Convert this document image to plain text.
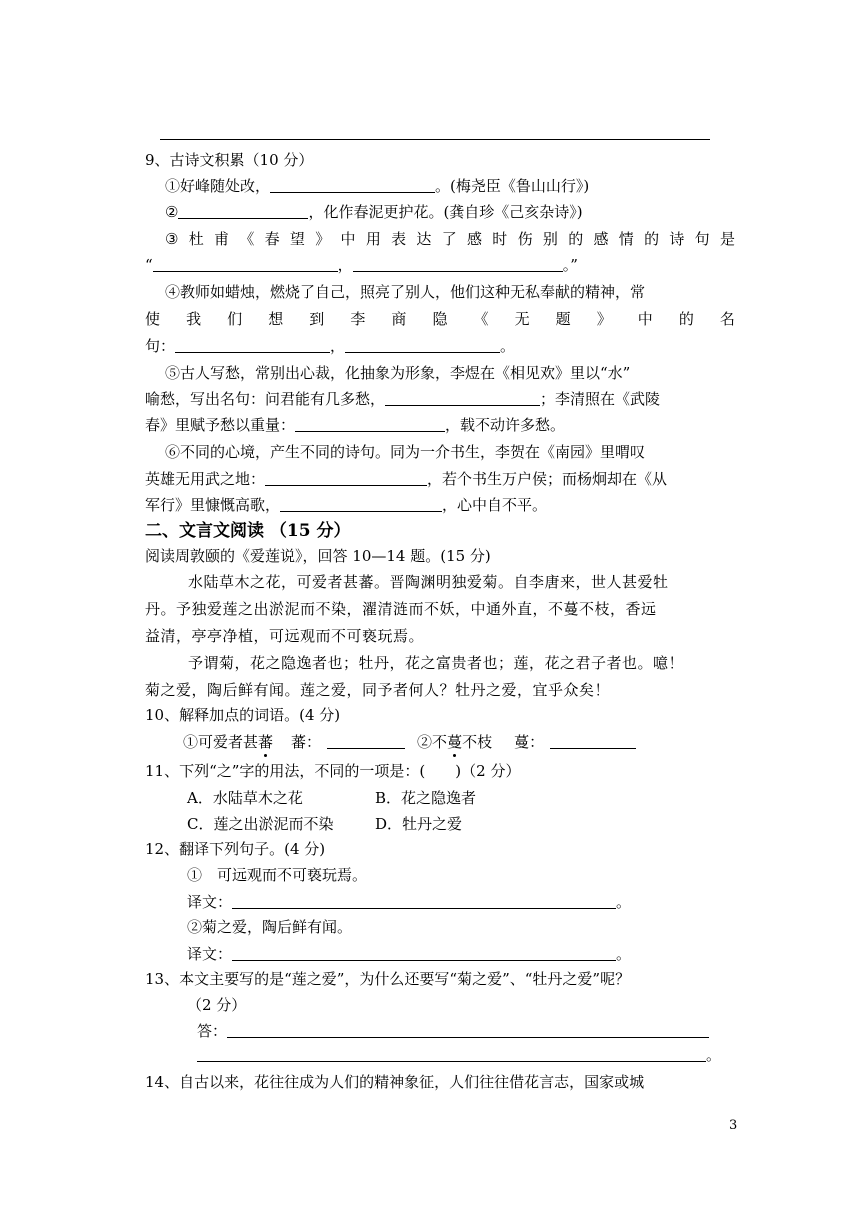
9、古诗文积累（10 分）
①好峰随处改，	。(梅尧臣《鲁山山行》)
②	，化作春泥更护花。(龚自珍《己亥杂诗》)
③ 杜 甫 《 春 望 》 中 用 表 达 了 感 时 伤 别 的 感 情 的 诗 句 是
“	，	。”
④教师如蜡烛，燃烧了自己，照亮了别人，他们这种无私奉献的精神，常
使 我 们 想 到 李 商 隐 《 无 题 》 中 的 名
句：	，	。
⑤古人写愁，常别出心裁，化抽象为形象，李煜在《相见欢》里以“水”
喻愁，写出名句：问君能有几多愁，	；李清照在《武陵
春》里赋予愁以重量：	，载不动许多愁。
⑥不同的心境，产生不同的诗句。同为一介书生，李贺在《南园》里喟叹
英雄无用武之地：	，若个书生万户侯；而杨炯却在《从
军行》里慷慨高歌，	，心中自不平。
二、文言文阅读 （15 分）
阅读周敦颐的《爱莲说》，回答 10—14 题。(15 分)
水陆草木之花，可爱者甚蕃。晋陶渊明独爱菊。自李唐来，世人甚爱牡
丹。予独爱莲之出淤泥而不染，濯清涟而不妖，中通外直，不蔓不枝，香远
益清，亭亭净植，可远观而不可亵玩焉。
予谓菊，花之隐逸者也；牡丹，花之富贵者也；莲，花之君子者也。噫！
菊之爱，陶后鲜有闻。莲之爱，同予者何人？牡丹之爱，宜乎众矣！
10、解释加点的词语。(4 分)
①可爱者甚蕃 蕃：	②不蔓不枝 蔓：
11、下列“之”字的用法，不同的一项是：(　　)（2 分）
A．水陆草木之花	B．花之隐逸者
C．莲之出淤泥而不染	D．牡丹之爱
12、翻译下列句子。(4 分)
①　可远观而不可亵玩焉。
译文：	。
②菊之爱，陶后鲜有闻。
译文：	。
13、本文主要写的是“莲之爱”，为什么还要写“菊之爱”、“牡丹之爱”呢？
（2 分）
答：
。
14、自古以来，花往往成为人们的精神象征，人们往往借花言志，国家或城
3
